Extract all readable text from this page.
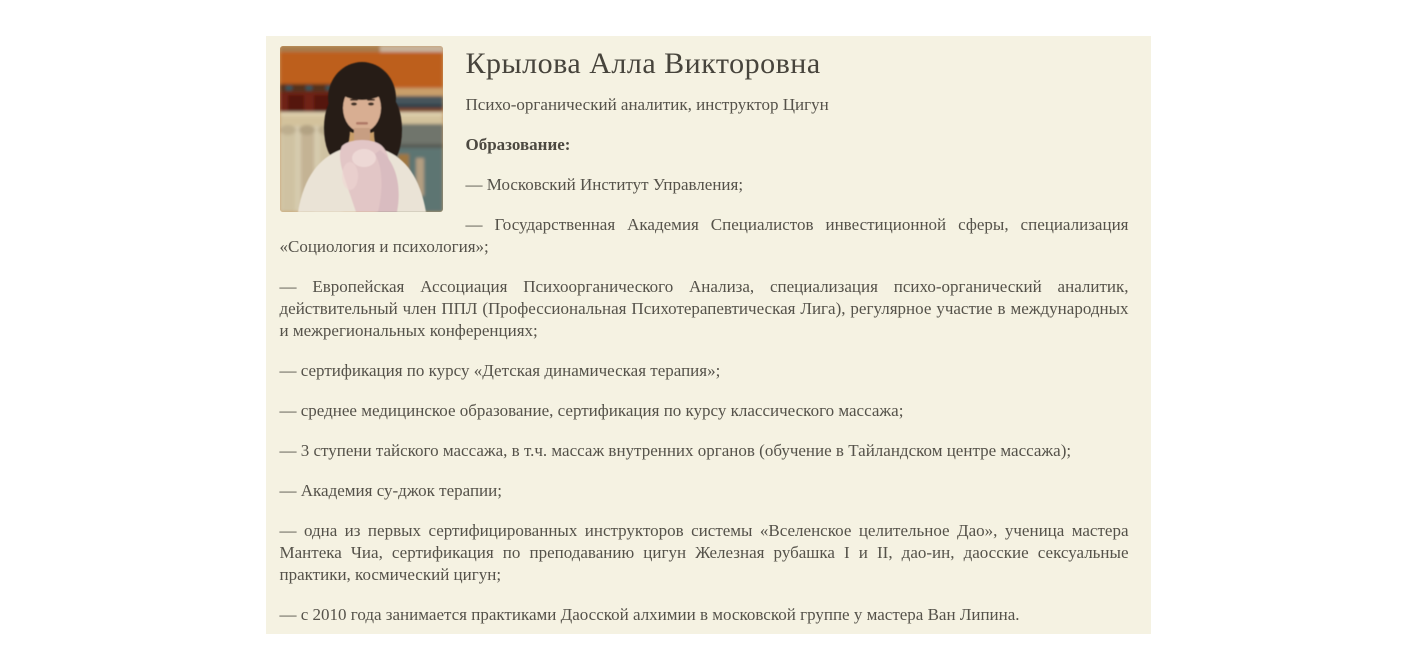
Крылова Алла Викторовна

Психо-органический аналитик, инструктор Цигун

Образование:

— Московский Институт Управления;

— Государственная Академия Специалистов инвестиционной сферы, специализация «Социология и психология»;

— Европейская Ассоциация Психоорганического Анализа, специализация психо-органический аналитик, действительный член ППЛ (Профессиональная Психотерапевтическая Лига), регулярное участие в международных и межрегиональных конференциях;

— сертификация по курсу «Детская динамическая терапия»;

— среднее медицинское образование, сертификация по курсу классического массажа;

— 3 ступени тайского массажа, в т.ч. массаж внутренних органов (обучение в Тайландском центре массажа);

— Академия су-джок терапии;

— одна из первых сертифицированных инструкторов системы «Вселенское целительное Дао», ученица мастера Мантека Чиа, сертификация по преподаванию цигун Железная рубашка I и II, дао-ин, даосские сексуальные практики, космический цигун;

— с 2010 года занимается практиками Даосской алхимии в московской группе у мастера Ван Липина.
